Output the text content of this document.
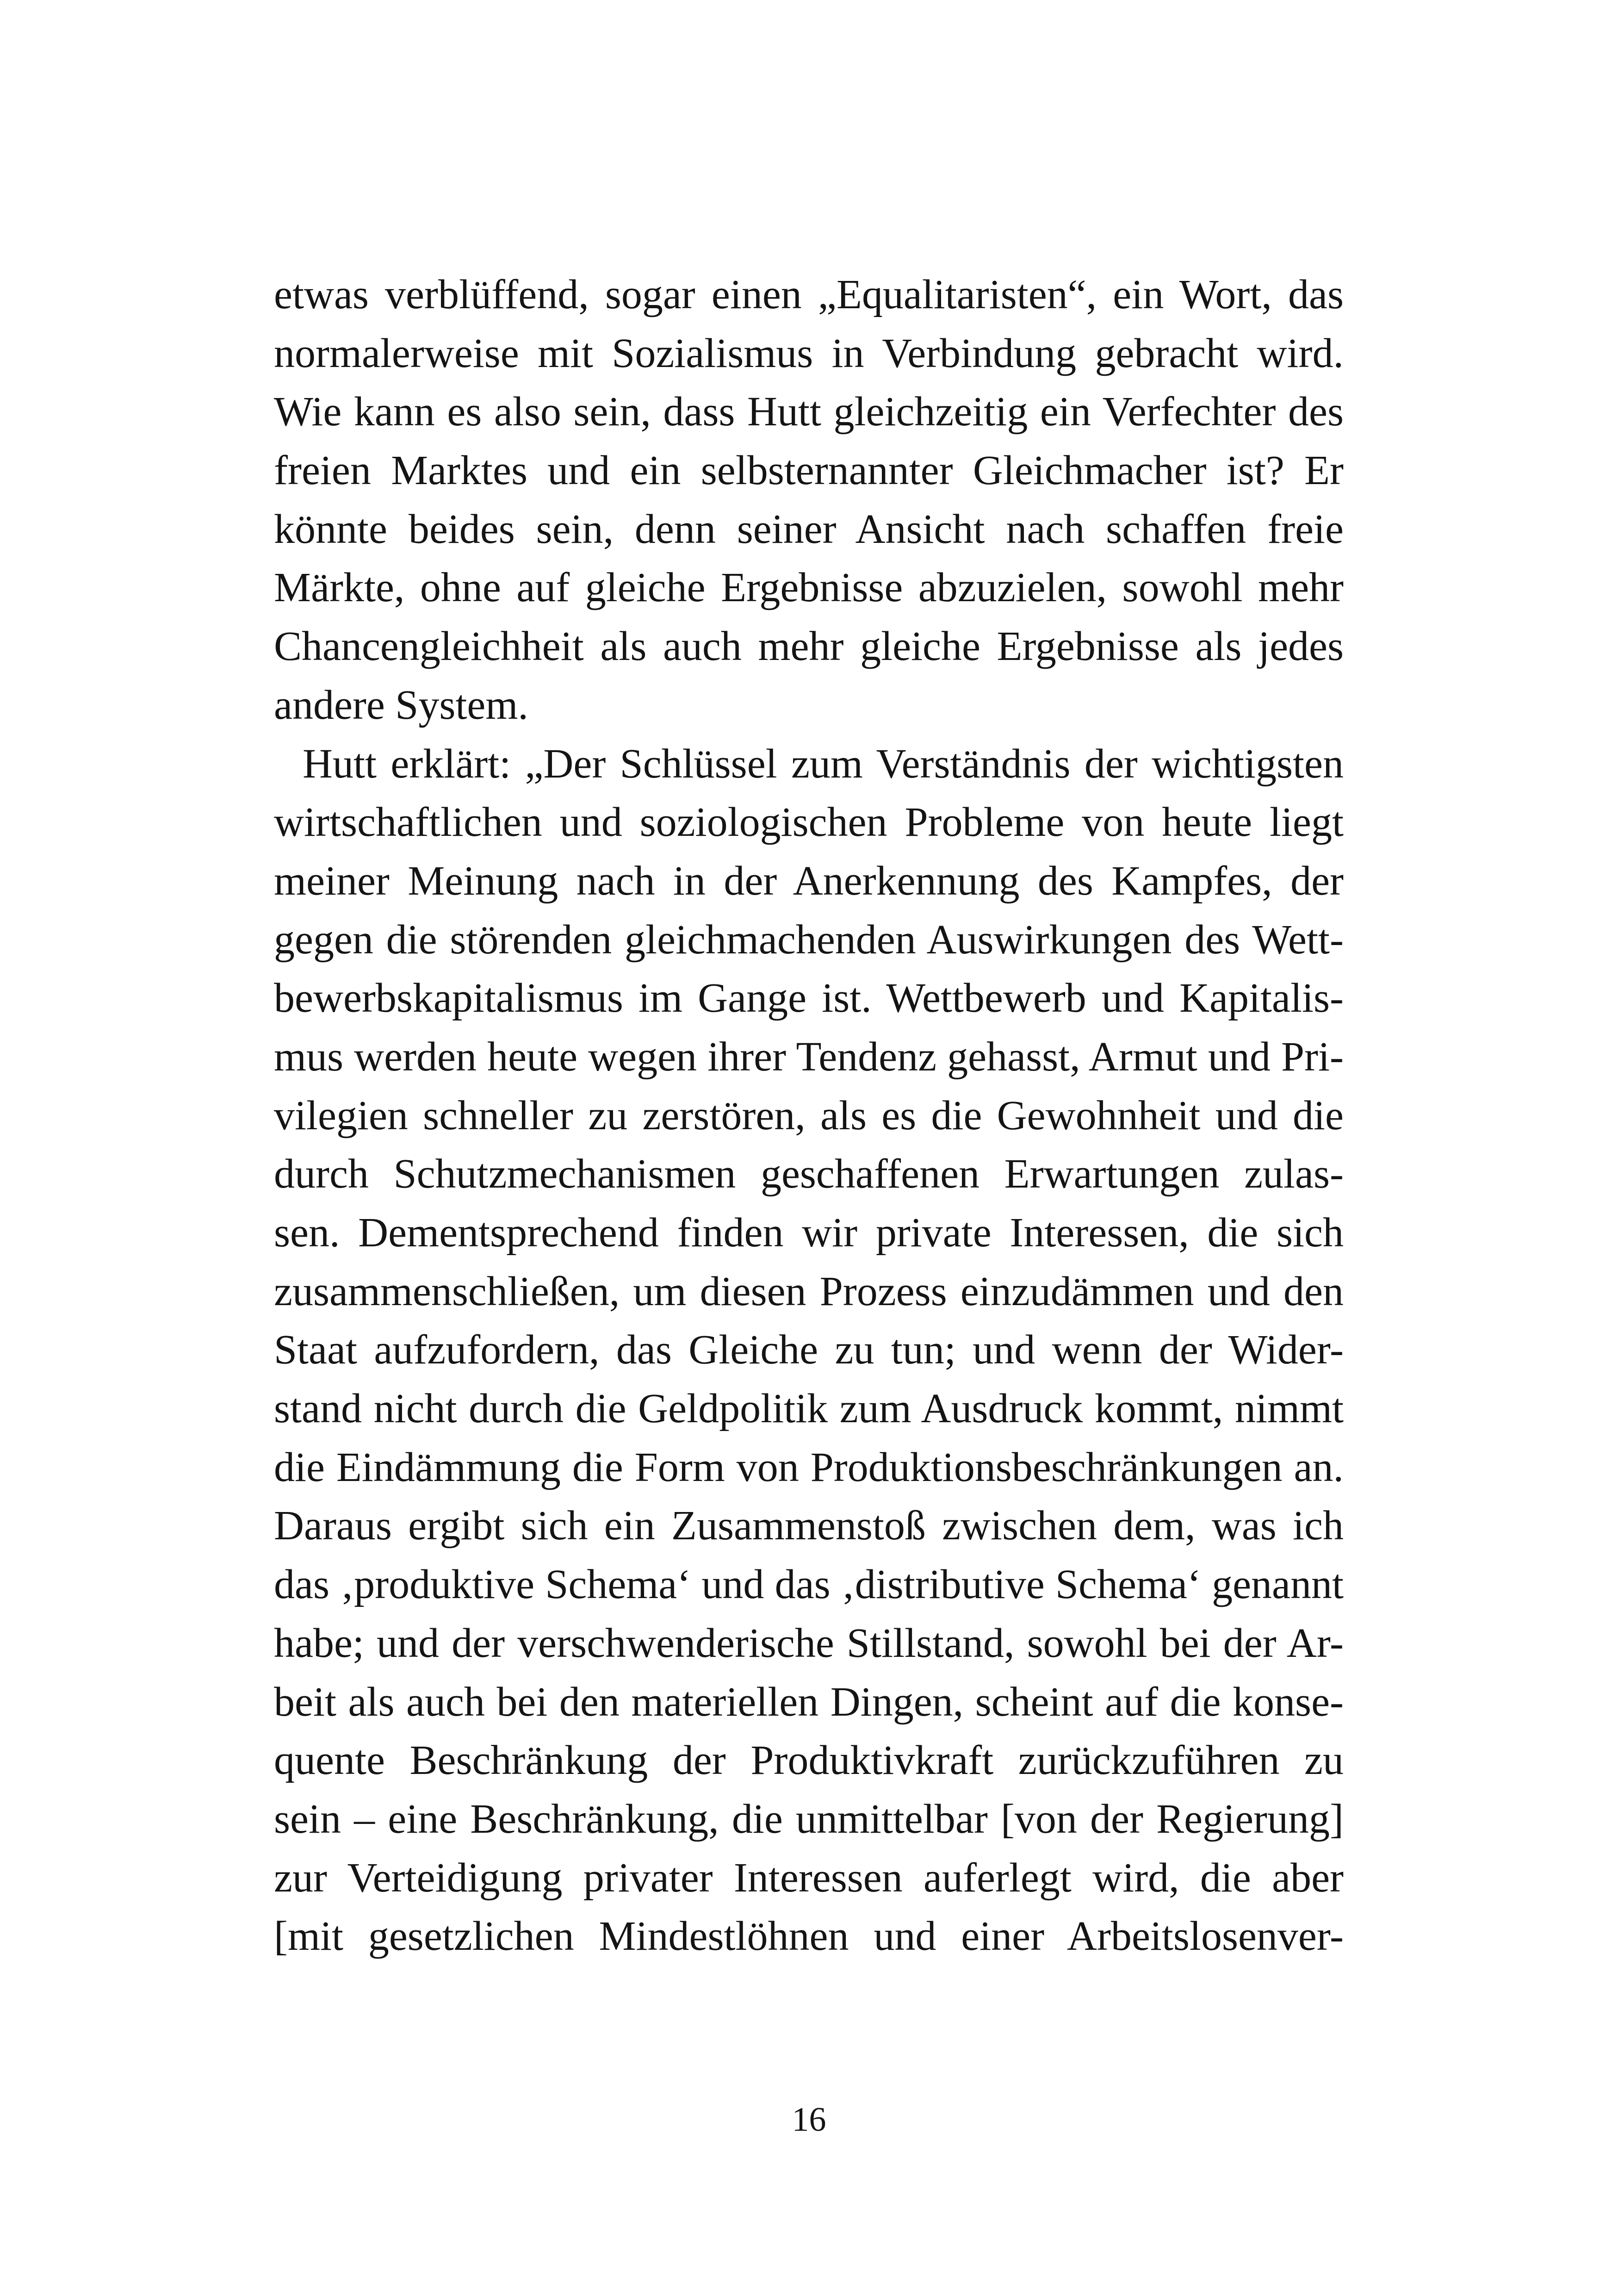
etwas verblüffend, sogar einen „Equalitaristen“, ein Wort, das
normalerweise mit Sozialismus in Verbindung gebracht wird.
Wie kann es also sein, dass Hutt gleichzeitig ein Verfechter des
freien Marktes und ein selbsternannter Gleichmacher ist? Er
könnte beides sein, denn seiner Ansicht nach schaffen freie
Märkte, ohne auf gleiche Ergebnisse abzuzielen, sowohl mehr
Chancengleichheit als auch mehr gleiche Ergebnisse als jedes
andere System.
Hutt erklärt: „Der Schlüssel zum Verständnis der wichtigsten
wirtschaftlichen und soziologischen Probleme von heute liegt
meiner Meinung nach in der Anerkennung des Kampfes, der
gegen die störenden gleichmachenden Auswirkungen des Wett-
bewerbskapitalismus im Gange ist. Wettbewerb und Kapitalis-
mus werden heute wegen ihrer Tendenz gehasst, Armut und Pri-
vilegien schneller zu zerstören, als es die Gewohnheit und die
durch Schutzmechanismen geschaffenen Erwartungen zulas-
sen. Dementsprechend finden wir private Interessen, die sich
zusammenschließen, um diesen Prozess einzudämmen und den
Staat aufzufordern, das Gleiche zu tun; und wenn der Wider-
stand nicht durch die Geldpolitik zum Ausdruck kommt, nimmt
die Eindämmung die Form von Produktionsbeschränkungen an.
Daraus ergibt sich ein Zusammenstoß zwischen dem, was ich
das ‚produktive Schema‘ und das ‚distributive Schema‘ genannt
habe; und der verschwenderische Stillstand, sowohl bei der Ar-
beit als auch bei den materiellen Dingen, scheint auf die konse-
quente Beschränkung der Produktivkraft zurückzuführen zu
sein – eine Beschränkung, die unmittelbar [von der Regierung]
zur Verteidigung privater Interessen auferlegt wird, die aber
[mit gesetzlichen Mindestlöhnen und einer Arbeitslosenver-
16
